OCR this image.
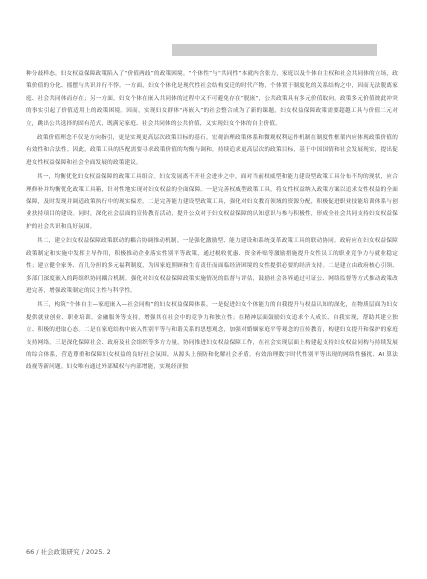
种分歧样态，妇女权益保障政策陷入了“价值两歧”的政策困境。“个体性”与“共同性”本就内含张力，家庭以及个体自主权和社会共同体的立场，政策价值的分化、摇摆与共识并行不悖。一方面，妇女个体化是现代性社会结构变迁的时代产物，个体置于制度化的关系结构之中，因而无法脱离家庭、社会共同体而存在；另一方面，妇女个体在嵌入共同体的过程中又不可避免存在“脱嵌”，公共政策具有多元价值取向，政策多元价值彼此冲突的事实引起了价值适用上的政策困境。因而，实现妇女群体“再嵌入”的社会整合成为了新的课题，妇女权益保障政策需要超越工具与价值二元对立，跳出公共选择的固有范式，既满足家庭、社会共同体的公共价值，又实现妇女个体的自主价值。

政策价值理念不仅是方向指引，更是实现更高层次政策目标的基石。宏观治理政策体系和微观权利运作机制在制度性框架内应体现政策价值的有效性和合法性。因此，政策工具的匹配需要寻求政策价值的均衡与调和，持续追求更高层次的政策目标，基于中国国情和社会发展现实，提出促进女性权益保障和社会全面发展的政策建议。

其一，均衡优化妇女权益保障的政策工具组合。妇女发展离不开社会进步之中，面对当前权威型和能力建设型政策工具分布不均的现状，应合理修补并均衡优化政策工具箱，针对性地实现对妇女权益的全面保障。一是完善权威型政策工具，将女性权益纳入政策方案以追求女性权益的全面保障，及时发现并调适政策执行中的现实偏差。二是完善能力建设型政策工具，强化对妇女教育领域的资源分配，积极促进职业技能培训体系与创业扶持项目的建设。同时，深化社会层面的宣传教育活动，提升公众对于妇女权益保障的认知意识与参与积极性，形成全社会共同支持妇女权益保护的社会共识和良好氛围。

其二，建立妇女权益保障政策联动的耦合协调推动机制。一是强化激励型、能力建设和系统变革政策工具的联动协同。政府应在妇女权益保障政策制定和实施中发挥主导作用，积极推动企业落实性别平等政策，通过税收优惠、资金补贴等激励措施提升女性员工的职业竞争力与就业稳定性；建立健全家务、育儿分担的多元福利制度，为因家庭照顾和生育责任而面临经济困境的女性提供必要的经济支持。二是建立由政府核心引领、多部门深度嵌入的跨组织协同耦合机制。强化对妇女权益保障政策实施情况的监督与评估，鼓励社会各界通过可证公、网络监督等方式推动政策改进完善，增强政策制定的民主性与科学性。

其三，构筑“个体自主—家庭嵌入—社会同构”的妇女权益保障体系。一是促进妇女个体能力的自我提升与权益认知的深化，在物质层面为妇女提供就业创业、职业培训、金融服务等支持，增强其在社会中的竞争力和独立性；在精神层面鼓励妇女追求个人成长、自我实现，帮助其建立独立、积极的进取心态。二是在家庭结构中嵌入性别平等与和谐关系的思想观念，加强对婚姻家庭平等观念的宣传教育，构建妇女提升和保护的家庭支持网络。三是深化保障社会、政府及社会组织等多方力量，协同推进妇女权益保障工作，在社会实现层面上构建起支持妇女权益同构与持续发展的综合体系，营造尊重和保障妇女权益的良好社会氛围，从源头上预防和化解社会矛盾，有效治理数字时代性别平等出现的网络性骚扰、AI 算法歧视等新问题。妇女唯有通过外部赋权与内部增能，实现经济独

66 / 社会政策研究 / 2025. 2
